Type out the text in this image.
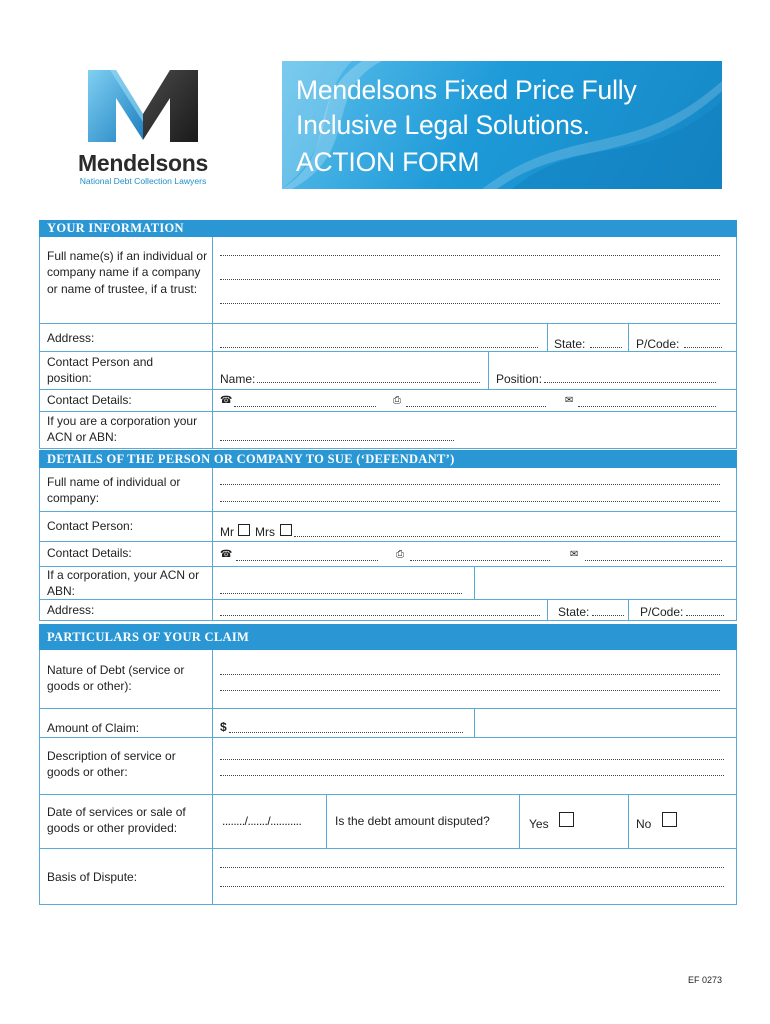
Mendelsons
National Debt Collection Lawyers
Mendelsons Fixed Price Fully
Inclusive Legal Solutions.
ACTION FORM
YOUR INFORMATION
Full name(s) if an individual or company name if a company or name of trustee, if a trust:
Address:	State:	P/Code:
Contact Person and position:	Name:	Position:
Contact Details:	☎	⎙	✉
If you are a corporation your ACN or ABN:
DETAILS OF THE PERSON OR COMPANY TO SUE (‘DEFENDANT’)
Full name of individual or company:
Contact Person:	Mr Mrs
Contact Details:	☎	⎙	✉
If a corporation, your ACN or ABN:
Address:	State:	P/Code:
PARTICULARS OF YOUR CLAIM
Nature of Debt (service or goods or other):
Amount of Claim:	$
Description of service or goods or other:
Date of services or sale of goods or other provided:
......../......./...........	Is the debt amount disputed?	Yes	No
Basis of Dispute:
EF 0273
